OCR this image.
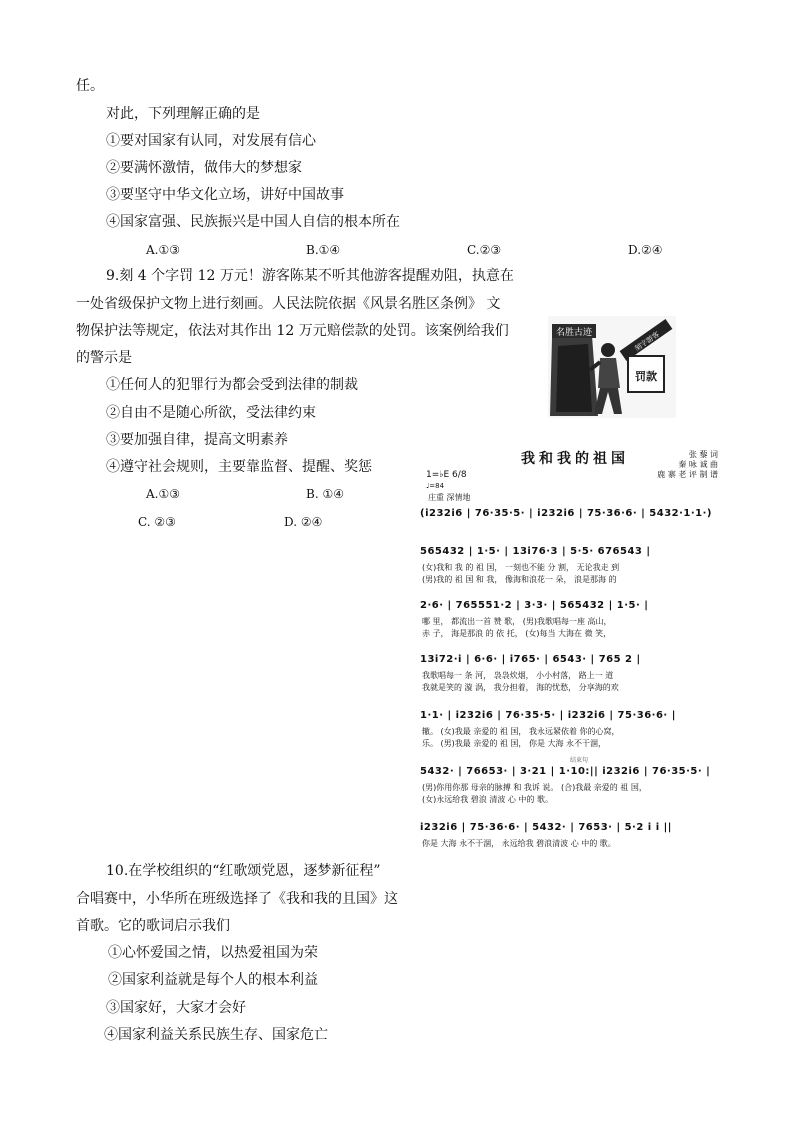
任。
对此，下列理解正确的是
①要对国家有认同，对发展有信心
②要满怀激情，做伟大的梦想家
③要坚守中华文化立场，讲好中国故事
④国家富强、民族振兴是中国人自信的根本所在
A.①③	B.①④	C.②③	D.②④
9.刻 4 个字罚 12 万元！游客陈某不听其他游客提醒劝阻，执意在
一处省级保护文物上进行刻画。人民法院依据《风景名胜区条例》 文
物保护法等规定，依法对其作出 12 万元赔偿款的处罚。该案例给我们
的警示是
①任何人的犯罪行为都会受到法律的制裁
②自由不是随心所欲，受法律约束
③要加强自律，提高文明素养
④遵守社会规则，主要靠监督、提醒、奖惩
A.①③	B. ①④
C. ②③	D. ②④
名胜古迹	刻字游客
罚款
我和我的祖国	张 藜 词
秦 咏 诚 曲
鹿 寨 老 评 制 谱
1=♭E 6/8
♩=84
庄重 深情地
(i2̇3̇2̇i6 | 76·35·5· | i2̇3̇2̇i6 | 75·36·6· | 5432·1·1·)
565432 | 1·5· | 13i76·3 | 5·5· 676543 |
(女)我和 我 的 祖 国， 一刻也不能 分 割， 无论我走 到
(男)我的 祖 国 和 我， 像海和浪花一 朵， 浪是那海 的
2·6· | 765551·2 | 3·3· | 565432 | 1·5· |
哪 里， 都流出一首 赞 歌， (男)我歌唱每一座 高山，
赤 子， 海是那浪 的 依 托， (女)每当 大海在 微 笑，
13i72·i | 6·6· | i765· | 6543· | 765 2 |
我歌唱每一 条 河， 袅袅炊烟， 小小村落， 路上一 道
我就是笑的 漩 涡， 我分担着， 海的忧愁， 分享海的欢
1·1· | i2̇3̇2̇i6 | 76·35·5· | i2̇3̇2̇i6 | 75·36·6· |
辙。 (女)我最 亲爱的 祖 国， 我永远紧依着 你的心窝，
乐。 (男)我最 亲爱的 祖 国， 你是 大海 永不干涸，
结束句
5432· | 76653· | 3·21 | 1·10:|| i2̇3̇2̇i6 | 76·35·5· |
(男)你用你那 母亲的脉搏 和 我诉 说。 (合)我最 亲爱的 祖 国，
(女)永远给我 碧浪 清波 心 中的 歌。
i2̇3̇2̇i6 | 75·36·6· | 5432· | 7653· | 5·2̇ i i ||
你是 大海 永不干涸， 永远给我 碧浪清波 心 中的 歌。
10.在学校组织的“红歌颂党恩，逐梦新征程”
合唱赛中，小华所在班级选择了《我和我的且国》这
首歌。它的歌词启示我们
①心怀爱国之情，以热爱祖国为荣
②国家利益就是每个人的根本利益
③国家好，大家才会好
④国家利益关系民族生存、国家危亡
